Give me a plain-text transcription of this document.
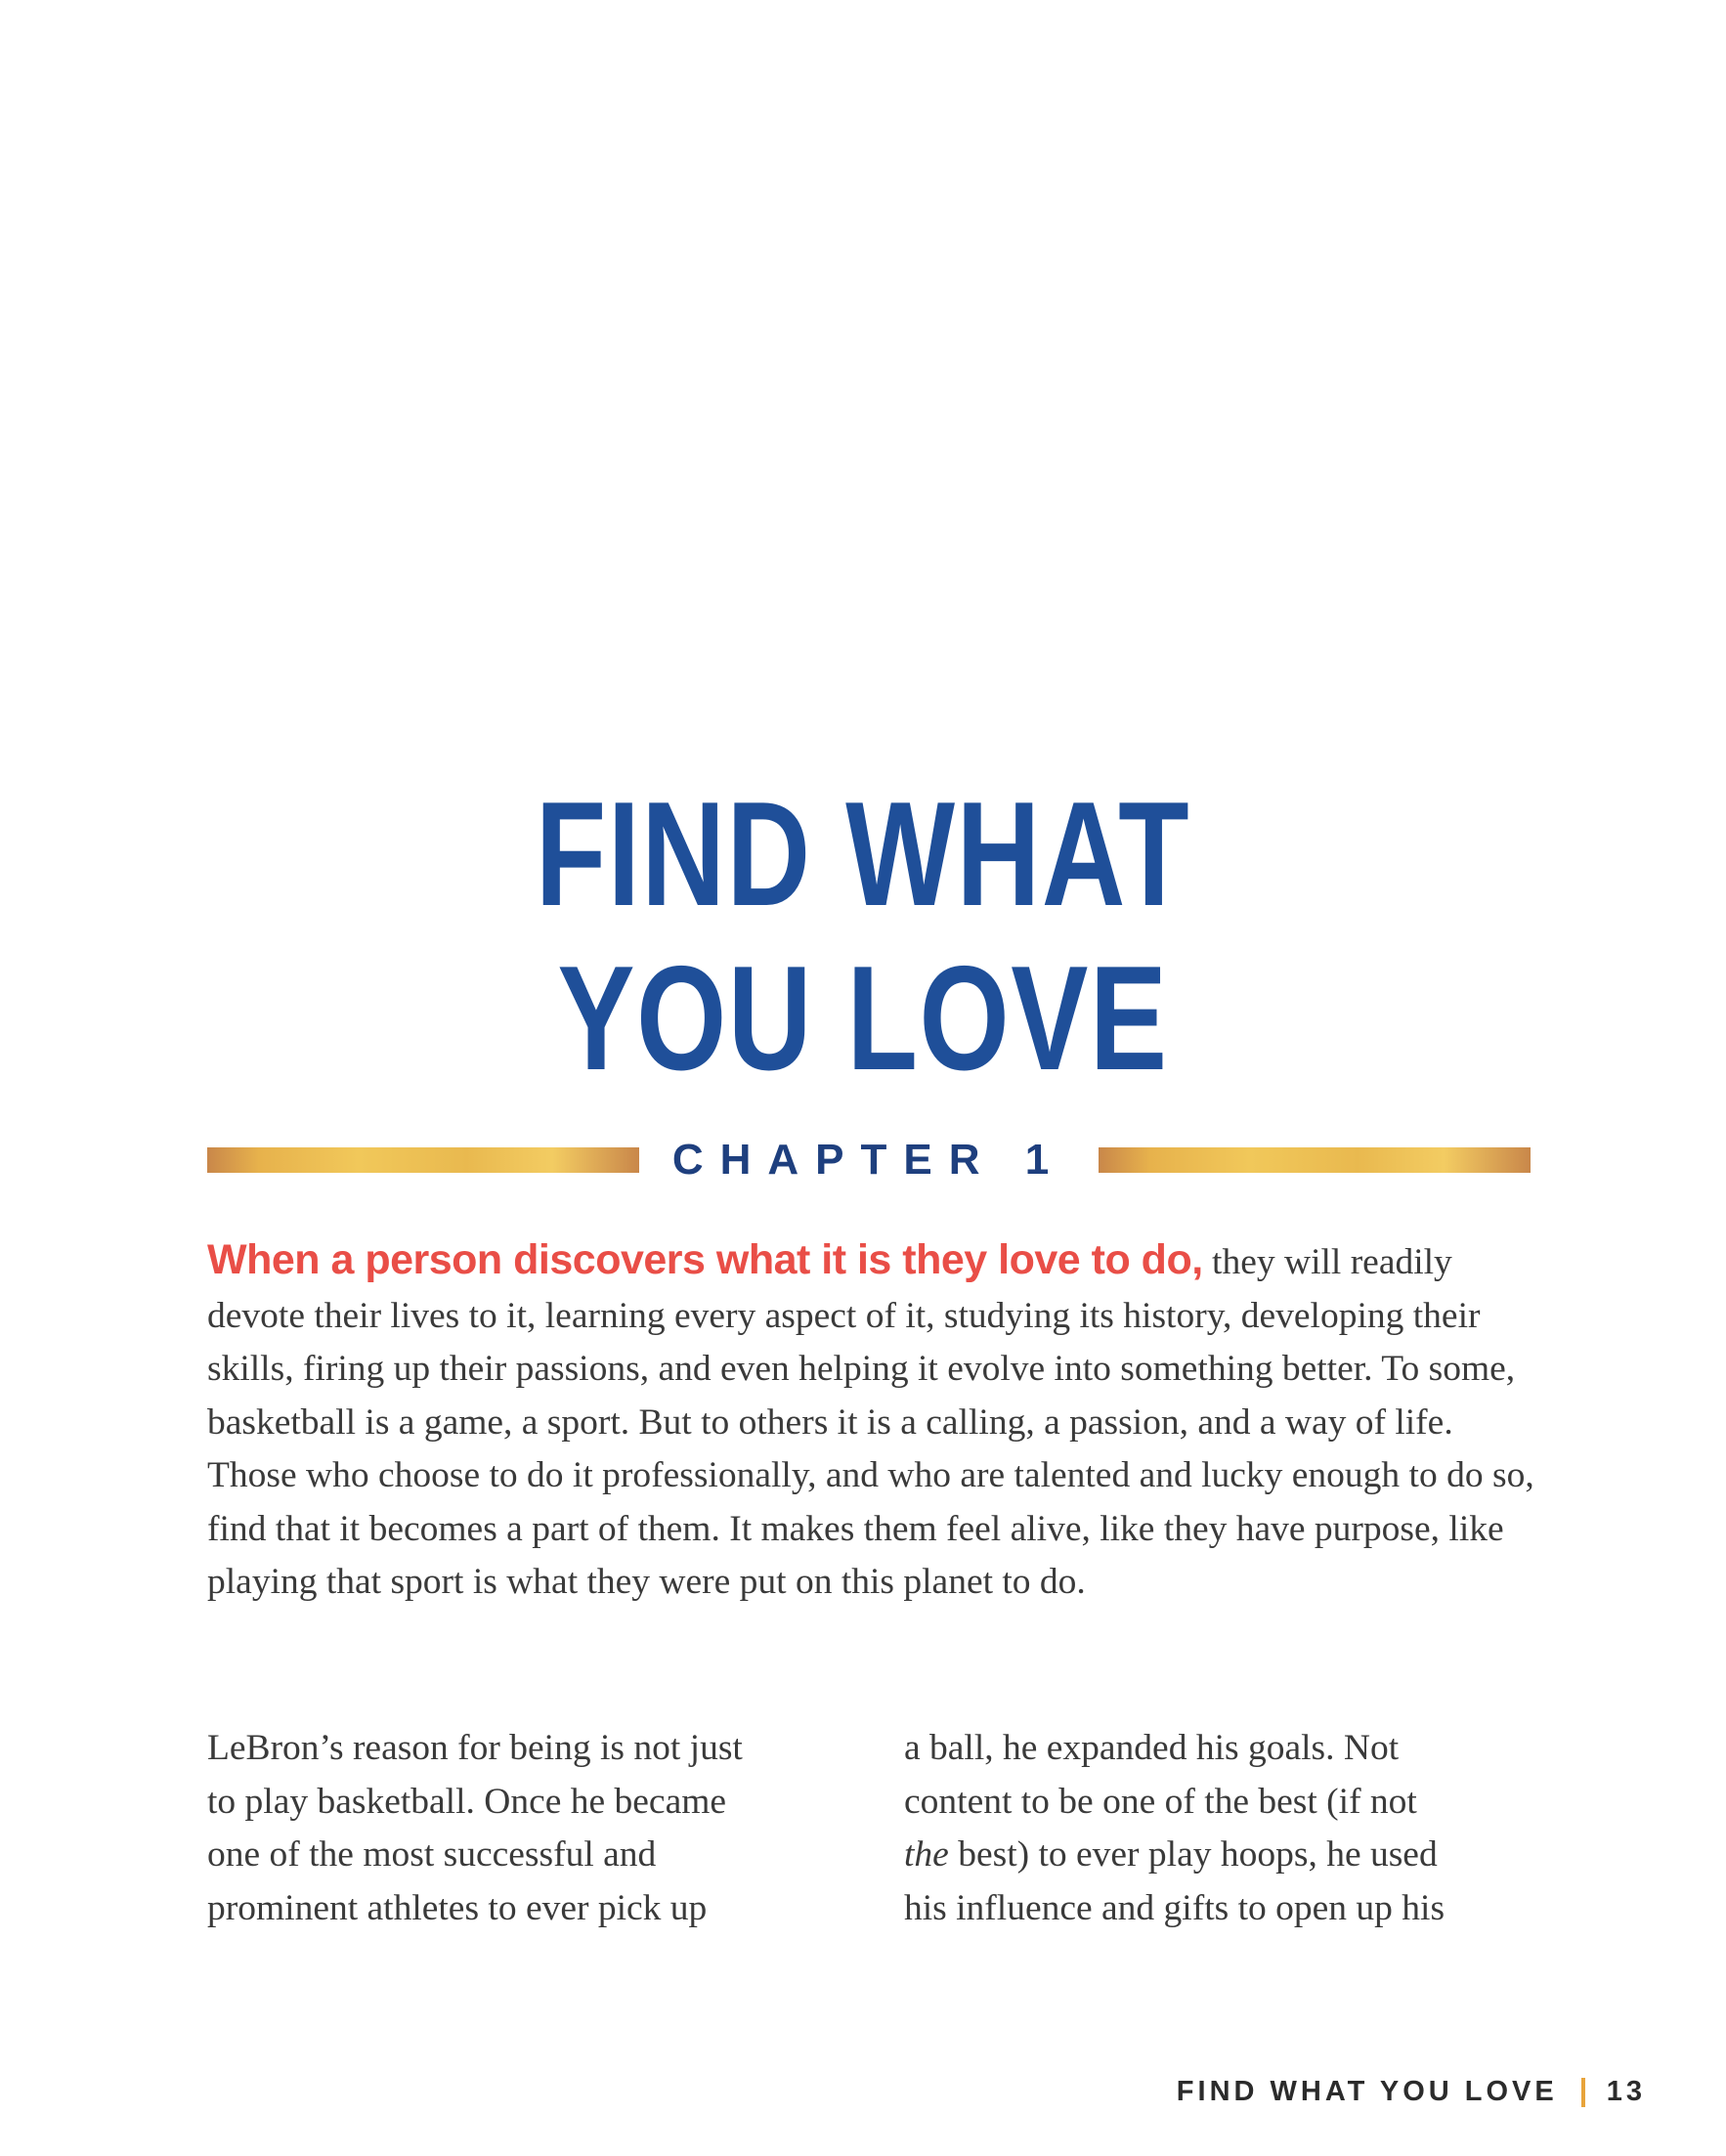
FIND WHAT
YOU LOVE
CHAPTER 1

When a person discovers what it is they love to do, they will readily devote their lives to it, learning every aspect of it, studying its history, developing their skills, firing up their passions, and even helping it evolve into something better. To some, basketball is a game, a sport. But to others it is a calling, a passion, and a way of life. Those who choose to do it professionally, and who are talented and lucky enough to do so, find that it becomes a part of them. It makes them feel alive, like they have purpose, like playing that sport is what they were put on this planet to do.

LeBron’s reason for being is not just
to play basketball. Once he became
one of the most successful and
prominent athletes to ever pick up
a ball, he expanded his goals. Not
content to be one of the best (if not
the best) to ever play hoops, he used
his influence and gifts to open up his
FIND WHAT YOU LOVE 13
